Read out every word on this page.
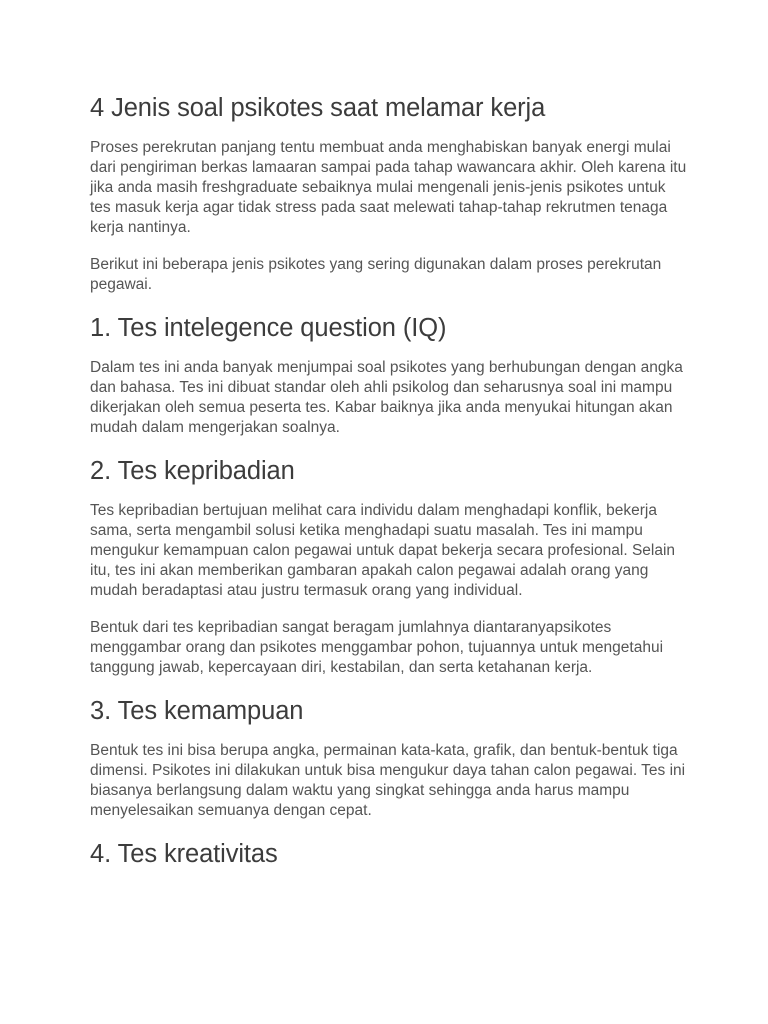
4 Jenis soal psikotes saat melamar kerja

Proses perekrutan panjang tentu membuat anda menghabiskan banyak energi mulai dari pengiriman berkas lamaaran sampai pada tahap wawancara akhir. Oleh karena itu jika anda masih freshgraduate sebaiknya mulai mengenali jenis-jenis psikotes untuk tes masuk kerja agar tidak stress pada saat melewati tahap-tahap rekrutmen tenaga kerja nantinya.

Berikut ini beberapa jenis psikotes yang sering digunakan dalam proses perekrutan pegawai.

1. Tes intelegence question (IQ)

Dalam tes ini anda banyak menjumpai soal psikotes yang berhubungan dengan angka dan bahasa. Tes ini dibuat standar oleh ahli psikolog dan seharusnya soal ini mampu dikerjakan oleh semua peserta tes. Kabar baiknya jika anda menyukai hitungan akan mudah dalam mengerjakan soalnya.

2. Tes kepribadian

Tes kepribadian bertujuan melihat cara individu dalam menghadapi konflik, bekerja sama, serta mengambil solusi ketika menghadapi suatu masalah. Tes ini mampu mengukur kemampuan calon pegawai untuk dapat bekerja secara profesional. Selain itu, tes ini akan memberikan gambaran apakah calon pegawai adalah orang yang mudah beradaptasi atau justru termasuk orang yang individual.

Bentuk dari tes kepribadian sangat beragam jumlahnya diantaranyapsikotes menggambar orang dan psikotes menggambar pohon, tujuannya untuk mengetahui tanggung jawab, kepercayaan diri, kestabilan, dan serta ketahanan kerja.

3. Tes kemampuan

Bentuk tes ini bisa berupa angka, permainan kata-kata, grafik, dan bentuk-bentuk tiga dimensi. Psikotes ini dilakukan untuk bisa mengukur daya tahan calon pegawai. Tes ini biasanya berlangsung dalam waktu yang singkat sehingga anda harus mampu menyelesaikan semuanya dengan cepat.

4. Tes kreativitas
